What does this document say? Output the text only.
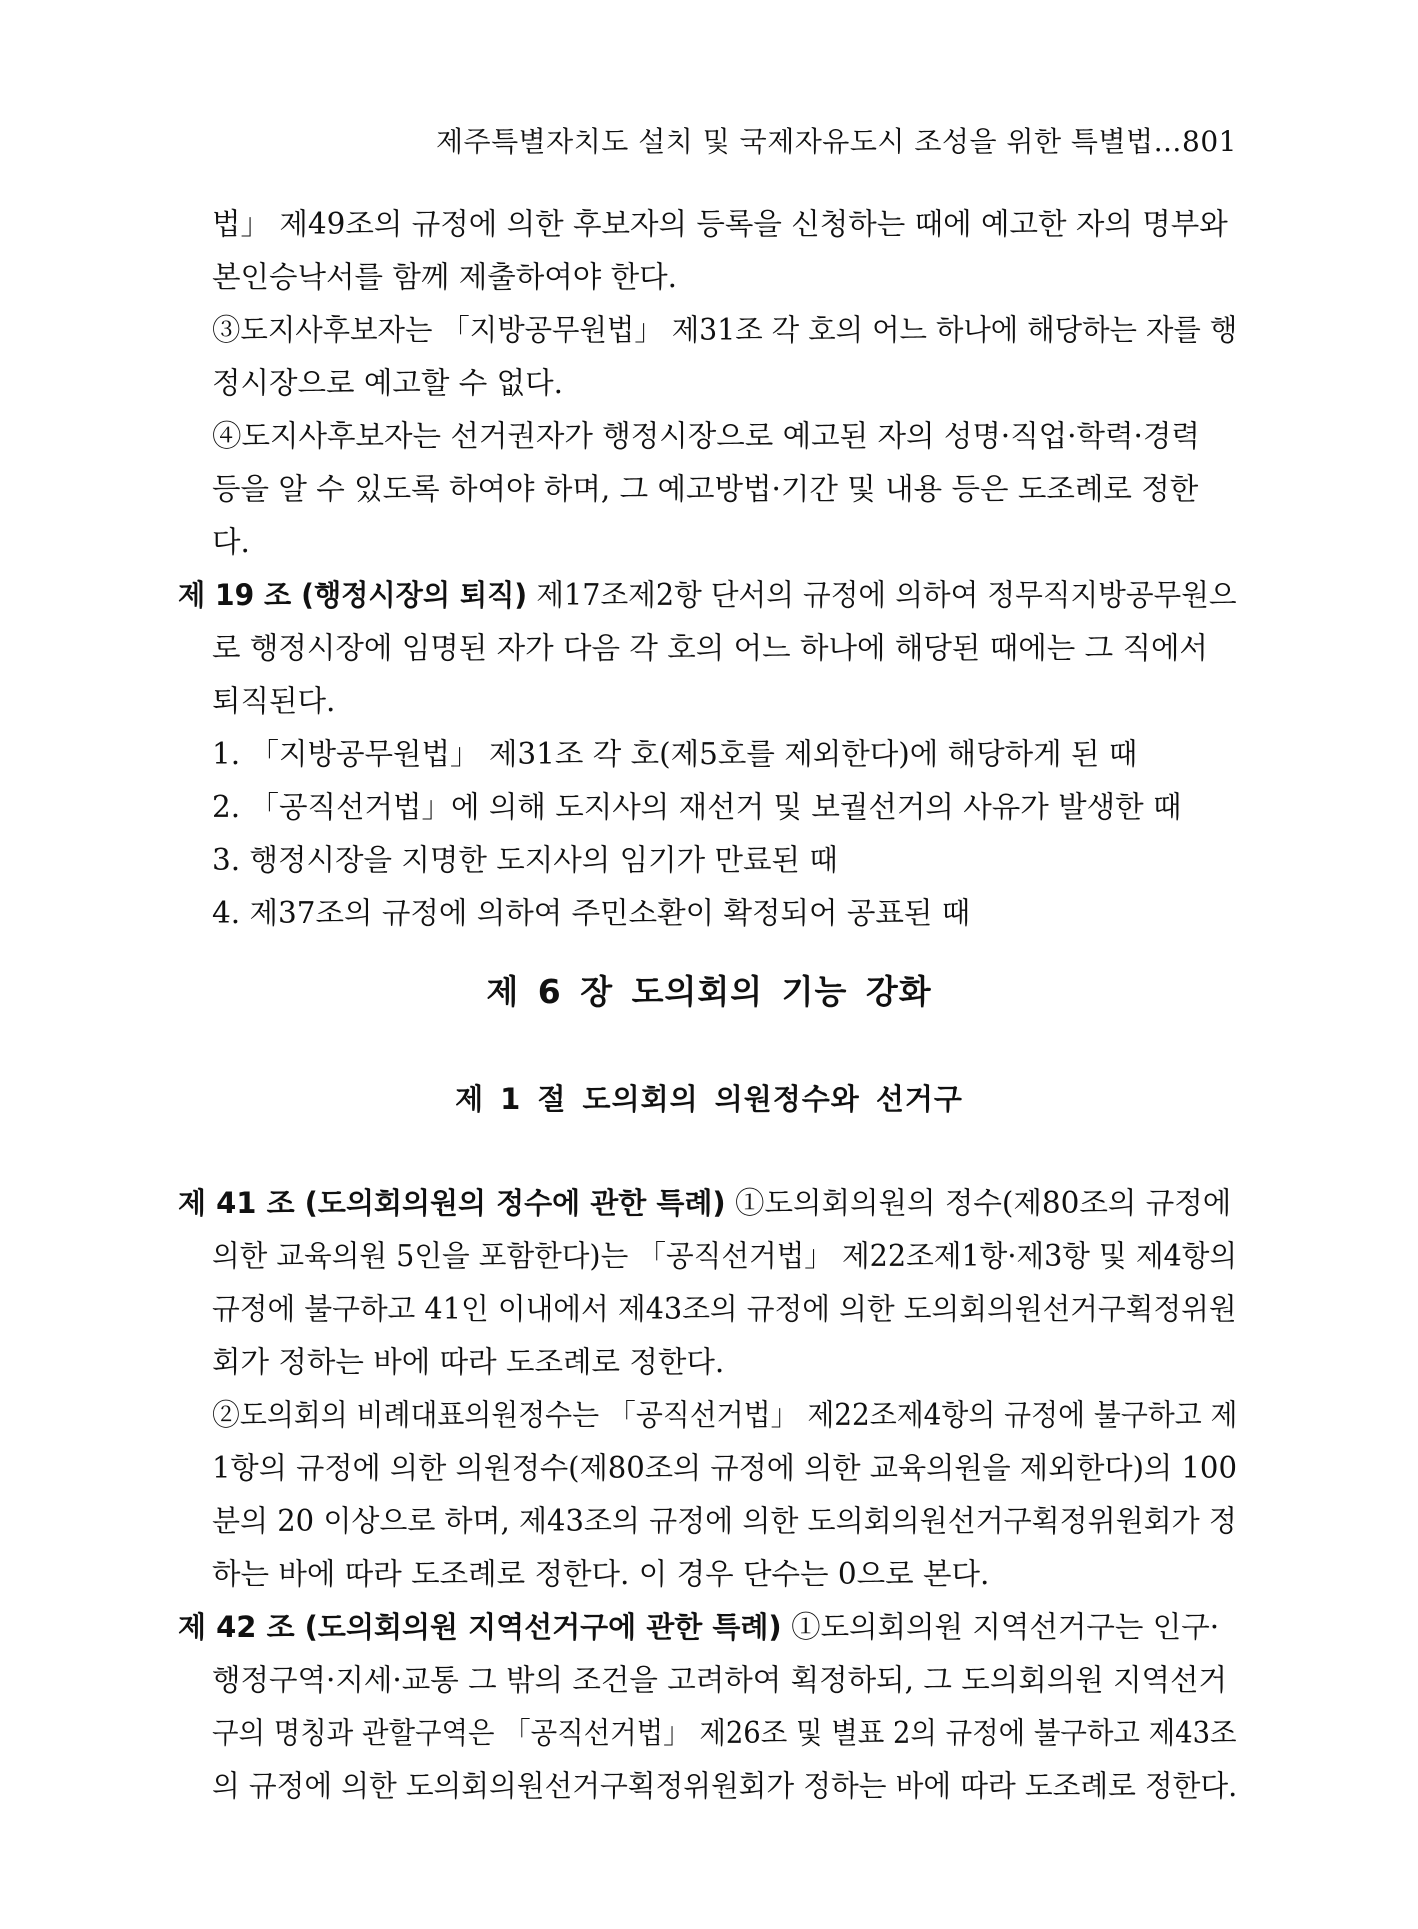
제주특별자치도 설치 및 국제자유도시 조성을 위한 특별법…801
법」 제49조의 규정에 의한 후보자의 등록을 신청하는 때에 예고한 자의 명부와
본인승낙서를 함께 제출하여야 한다.
③도지사후보자는 「지방공무원법」 제31조 각 호의 어느 하나에 해당하는 자를 행
정시장으로 예고할 수 없다.
④도지사후보자는 선거권자가 행정시장으로 예고된 자의 성명·직업·학력·경력
등을 알 수 있도록 하여야 하며, 그 예고방법·기간 및 내용 등은 도조례로 정한
다.
제 19 조 (행정시장의 퇴직) 제17조제2항 단서의 규정에 의하여 정무직지방공무원으
로 행정시장에 임명된 자가 다음 각 호의 어느 하나에 해당된 때에는 그 직에서
퇴직된다.
1. 「지방공무원법」 제31조 각 호(제5호를 제외한다)에 해당하게 된 때
2. 「공직선거법」에 의해 도지사의 재선거 및 보궐선거의 사유가 발생한 때
3. 행정시장을 지명한 도지사의 임기가 만료된 때
4. 제37조의 규정에 의하여 주민소환이 확정되어 공표된 때
제 6 장 도의회의 기능 강화
제 1 절 도의회의 의원정수와 선거구
제 41 조 (도의회의원의 정수에 관한 특례) ①도의회의원의 정수(제80조의 규정에
의한 교육의원 5인을 포함한다)는 「공직선거법」 제22조제1항·제3항 및 제4항의
규정에 불구하고 41인 이내에서 제43조의 규정에 의한 도의회의원선거구획정위원
회가 정하는 바에 따라 도조례로 정한다.
②도의회의 비례대표의원정수는 「공직선거법」 제22조제4항의 규정에 불구하고 제
1항의 규정에 의한 의원정수(제80조의 규정에 의한 교육의원을 제외한다)의 100
분의 20 이상으로 하며, 제43조의 규정에 의한 도의회의원선거구획정위원회가 정
하는 바에 따라 도조례로 정한다. 이 경우 단수는 0으로 본다.
제 42 조 (도의회의원 지역선거구에 관한 특례) ①도의회의원 지역선거구는 인구·
행정구역·지세·교통 그 밖의 조건을 고려하여 획정하되, 그 도의회의원 지역선거
구의 명칭과 관할구역은 「공직선거법」 제26조 및 별표 2의 규정에 불구하고 제43조
의 규정에 의한 도의회의원선거구획정위원회가 정하는 바에 따라 도조례로 정한다.
